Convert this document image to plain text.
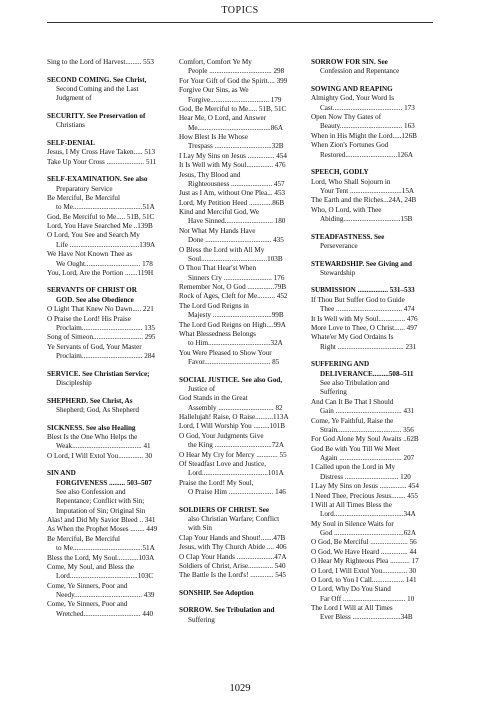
TOPICS
Sing to the Lord of Harvest......... 553
SECOND COMING. See Christ,
Second Coming and the Last
Judgment of
SECURITY. See Preservation of
Christians
SELF-DENIAL
Jesus, I My Cross Have Taken..... 513
Take Up Your Cross ..................... 511
SELF-EXAMINATION. See also
Preparatory Service
Be Merciful, Be Merciful
to Me.......................................51A
God, Be Merciful to Me..... 51B, 51C
Lord, You Have Searched Me ..139B
O Lord, You See and Search My
Life .......................................139A
We Have Not Known Thee as
We Ought............................... 178
You, Lord, Are the Portion .......119H
SERVANTS OF CHRIST OR
GOD. See also Obedience
O Light That Knew No Dawn..... 221
O Praise the Lord! His Praise
Proclaim.................................. 135
Song of Simeon............................ 295
Ye Servants of God, Your Master
Proclaim.................................. 284
SERVICE. See Christian Service;
Discipleship
SHEPHERD. See Christ, As
Shepherd; God, As Shepherd
SICKNESS. See also Healing
Blest Is the One Who Helps the
Weak....................................... 41
O Lord, I Will Extol You.............. 30
SIN AND
FORGIVENESS ......... 503–507
See also Confession and
Repentance; Conflict with Sin;
Imputation of Sin; Original Sin
Alas! and Did My Savior Bleed .. 341
As When the Prophet Moses ........ 449
Be Merciful, Be Merciful
to Me.......................................51A
Bless the Lord, My Soul............103A
Come, My Soul, and Bless the
Lord......................................103C
Come, Ye Sinners, Poor and
Needy...................................... 439
Come, Ye Sinners, Poor and
Wretched................................ 440
Comfort, Comfort Ye My
People ................................... 298
For Your Gift of God the Spirit.... 399
Forgive Our Sins, as We
Forgive................................. 179
God, Be Merciful to Me..... 51B, 51C
Hear Me, O Lord, and Answer
Me.........................................86A
How Blest Is He Whose
Trespass ................................32B
I Lay My Sins on Jesus ............... 454
It Is Well with My Soul............... 476
Jesus, Thy Blood and
Righteousness ....................... 457
Just as I Am, without One Plea... 453
Lord, My Petition Heed .............86B
Kind and Merciful God, We
Have Sinned........................... 180
Not What My Hands Have
Done ..................................... 435
O Bless the Lord with All My
Soul.....................................103B
O Thou That Hear'st When
Sinners Cry ........................... 176
Remember Not, O God ...............79B
Rock of Ages, Cleft for Me.......... 452
The Lord God Reigns in
Majesty .................................99B
The Lord God Reigns on High....99A
What Blessedness Belongs
to Him...................................32A
You Were Pleased to Show Your
Favor..................................... 85
SOCIAL JUSTICE. See also God,
Justice of
God Stands in the Great
Assembly ............................... 82
Hallelujah! Raise, O Raise..........113A
Lord, I Will Worship You .........101B
O God, Your Judgments Give
the King ................................72A
O Hear My Cry for Mercy ............ 55
Of Steadfast Love and Justice,
Lord.....................................101A
Praise the Lord! My Soul,
O Praise Him ......................... 146
SOLDIERS OF CHRIST. See
also Christian Warfare; Conflict
with Sin
Clap Your Hands and Shout!.......47B
Jesus, with Thy Church Abide .... 406
O Clap Your Hands .....................47A
Soldiers of Christ, Arise.............. 540
The Battle Is the Lord's! ............. 545
SONSHIP. See Adoption
SORROW. See Tribulation and
Suffering
SORROW FOR SIN. See
Confession and Repentance
SOWING AND REAPING
Almighty God, Your Word Is
Cast....................................... 173
Open Now Thy Gates of
Beauty................................... 163
When in His Might the Lord.....126B
When Zion's Fortunes God
Restored.............................126A
SPEECH, GODLY
Lord, Who Shall Sojourn in
Your Tent .............................15A
The Earth and the Riches...24A, 24B
Who, O Lord, with Thee
Abiding................................15B
STEADFASTNESS. See
Perseverance
STEWARDSHIP. See Giving and
Stewardship
SUBMISSION ................. 531–533
If Thou But Suffer God to Guide
Thee ..................................... 474
It Is Well with My Soul............... 476
More Love to Thee, O Christ...... 497
Whate'er My God Ordains Is
Right ..................................... 231
SUFFERING AND
DELIVERANCE.........508–511
See also Tribulation and
Suffering
And Can It Be That I Should
Gain ..................................... 431
Come, Ye Faithful, Raise the
Strain.................................... 356
For God Alone My Soul Awaits ..62B
God Be with You Till We Meet
Again ................................... 207
I Called upon the Lord in My
Distress .............................. 120
I Lay My Sins on Jesus ............... 454
I Need Thee, Precious Jesus........ 455
I Will at All Times Bless the
Lord.......................................34A
My Soul in Silence Waits for
God .......................................62A
O God, Be Merciful ..................... 56
O God, We Have Heard ............... 44
O Hear My Righteous Plea ........... 17
O Lord, I Will Extol You.............. 30
O Lord, to You I Call.................. 141
O Lord, Why Do You Stand
Far Off ................................... 10
The Lord I Will at All Times
Ever Bless ...........................34B
1029
